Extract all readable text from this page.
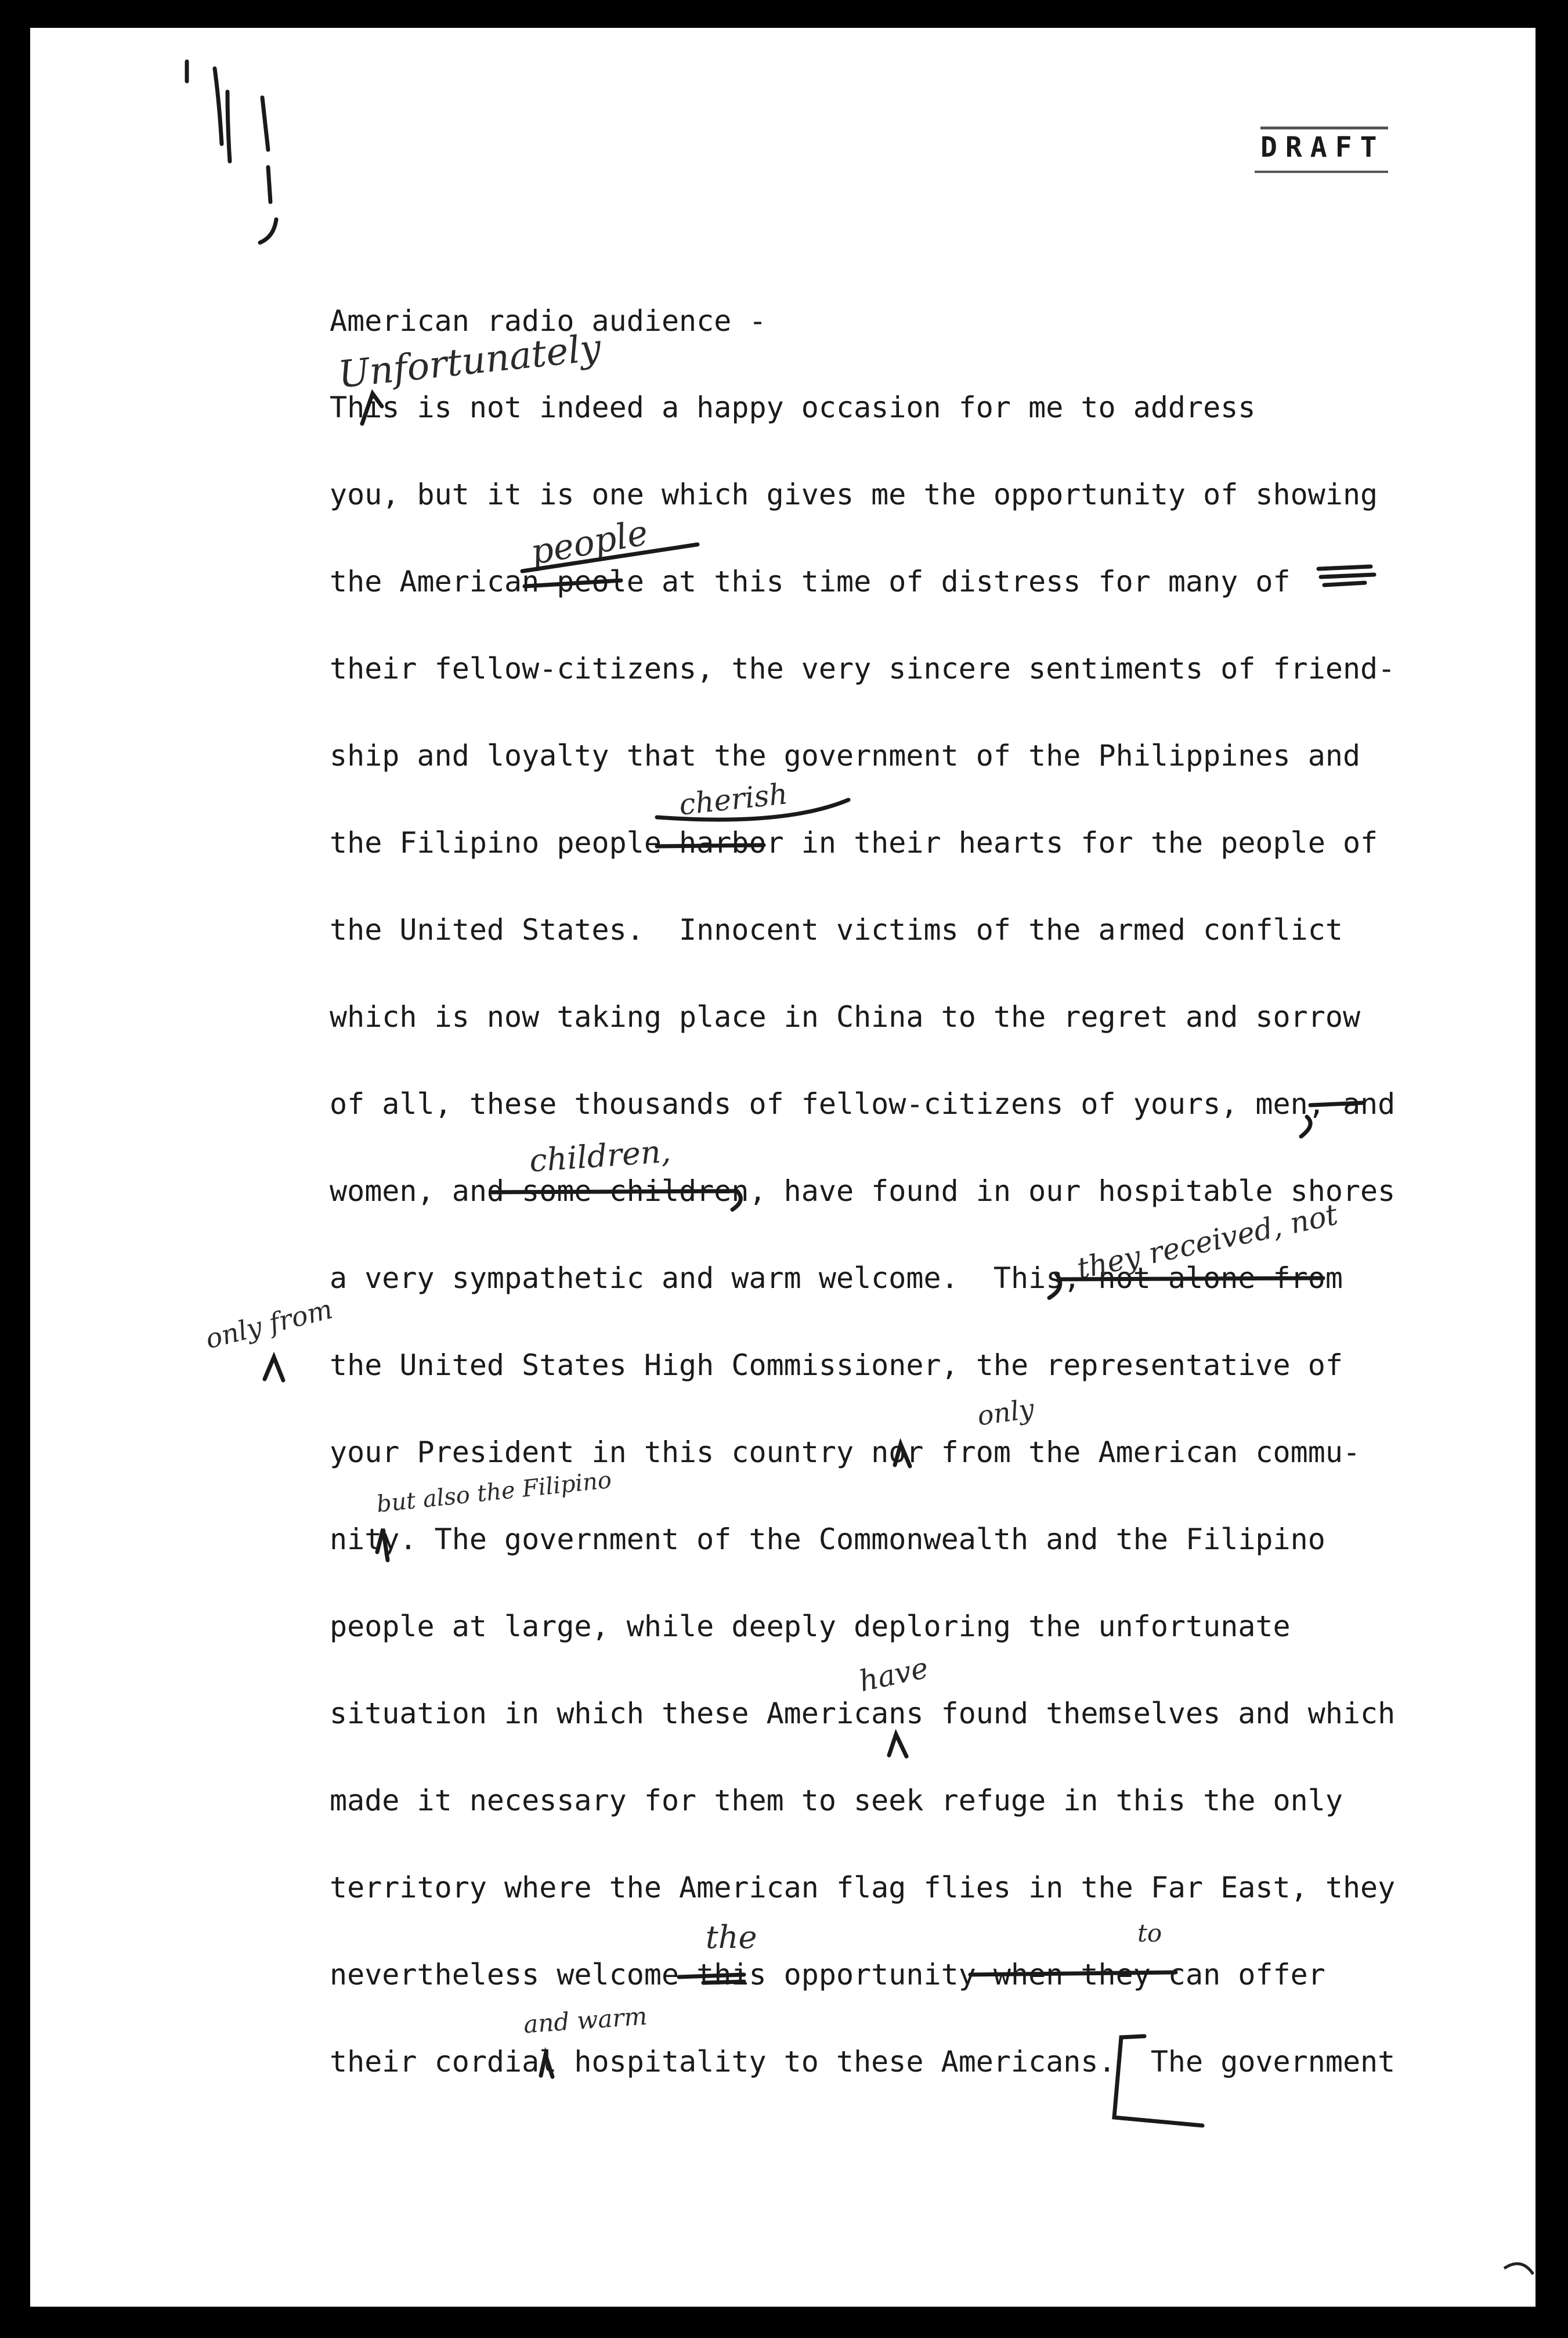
DRAFT
American radio audience -
This is not indeed a happy occasion for me to address
you, but it is one which gives me the opportunity of showing
the American peole at this time of distress for many of
their fellow-citizens, the very sincere sentiments of friend-
ship and loyalty that the government of the Philippines and
the Filipino people harbor in their hearts for the people of
the United States.  Innocent victims of the armed conflict
which is now taking place in China to the regret and sorrow
of all, these thousands of fellow-citizens of yours, men, and
women, and some children, have found in our hospitable shores
a very sympathetic and warm welcome.  This, not alone from
the United States High Commissioner, the representative of
your President in this country nor from the American commu-
nity. The government of the Commonwealth and the Filipino
people at large, while deeply deploring the unfortunate
situation in which these Americans found themselves and which
made it necessary for them to seek refuge in this the only
territory where the American flag flies in the Far East, they
nevertheless welcome this opportunity when they can offer
their cordial hospitality to these Americans.  The government
Unfortunately
people
cherish
children,
they received, not
only from
only
but also the Filipino
have
the	to
and warm
